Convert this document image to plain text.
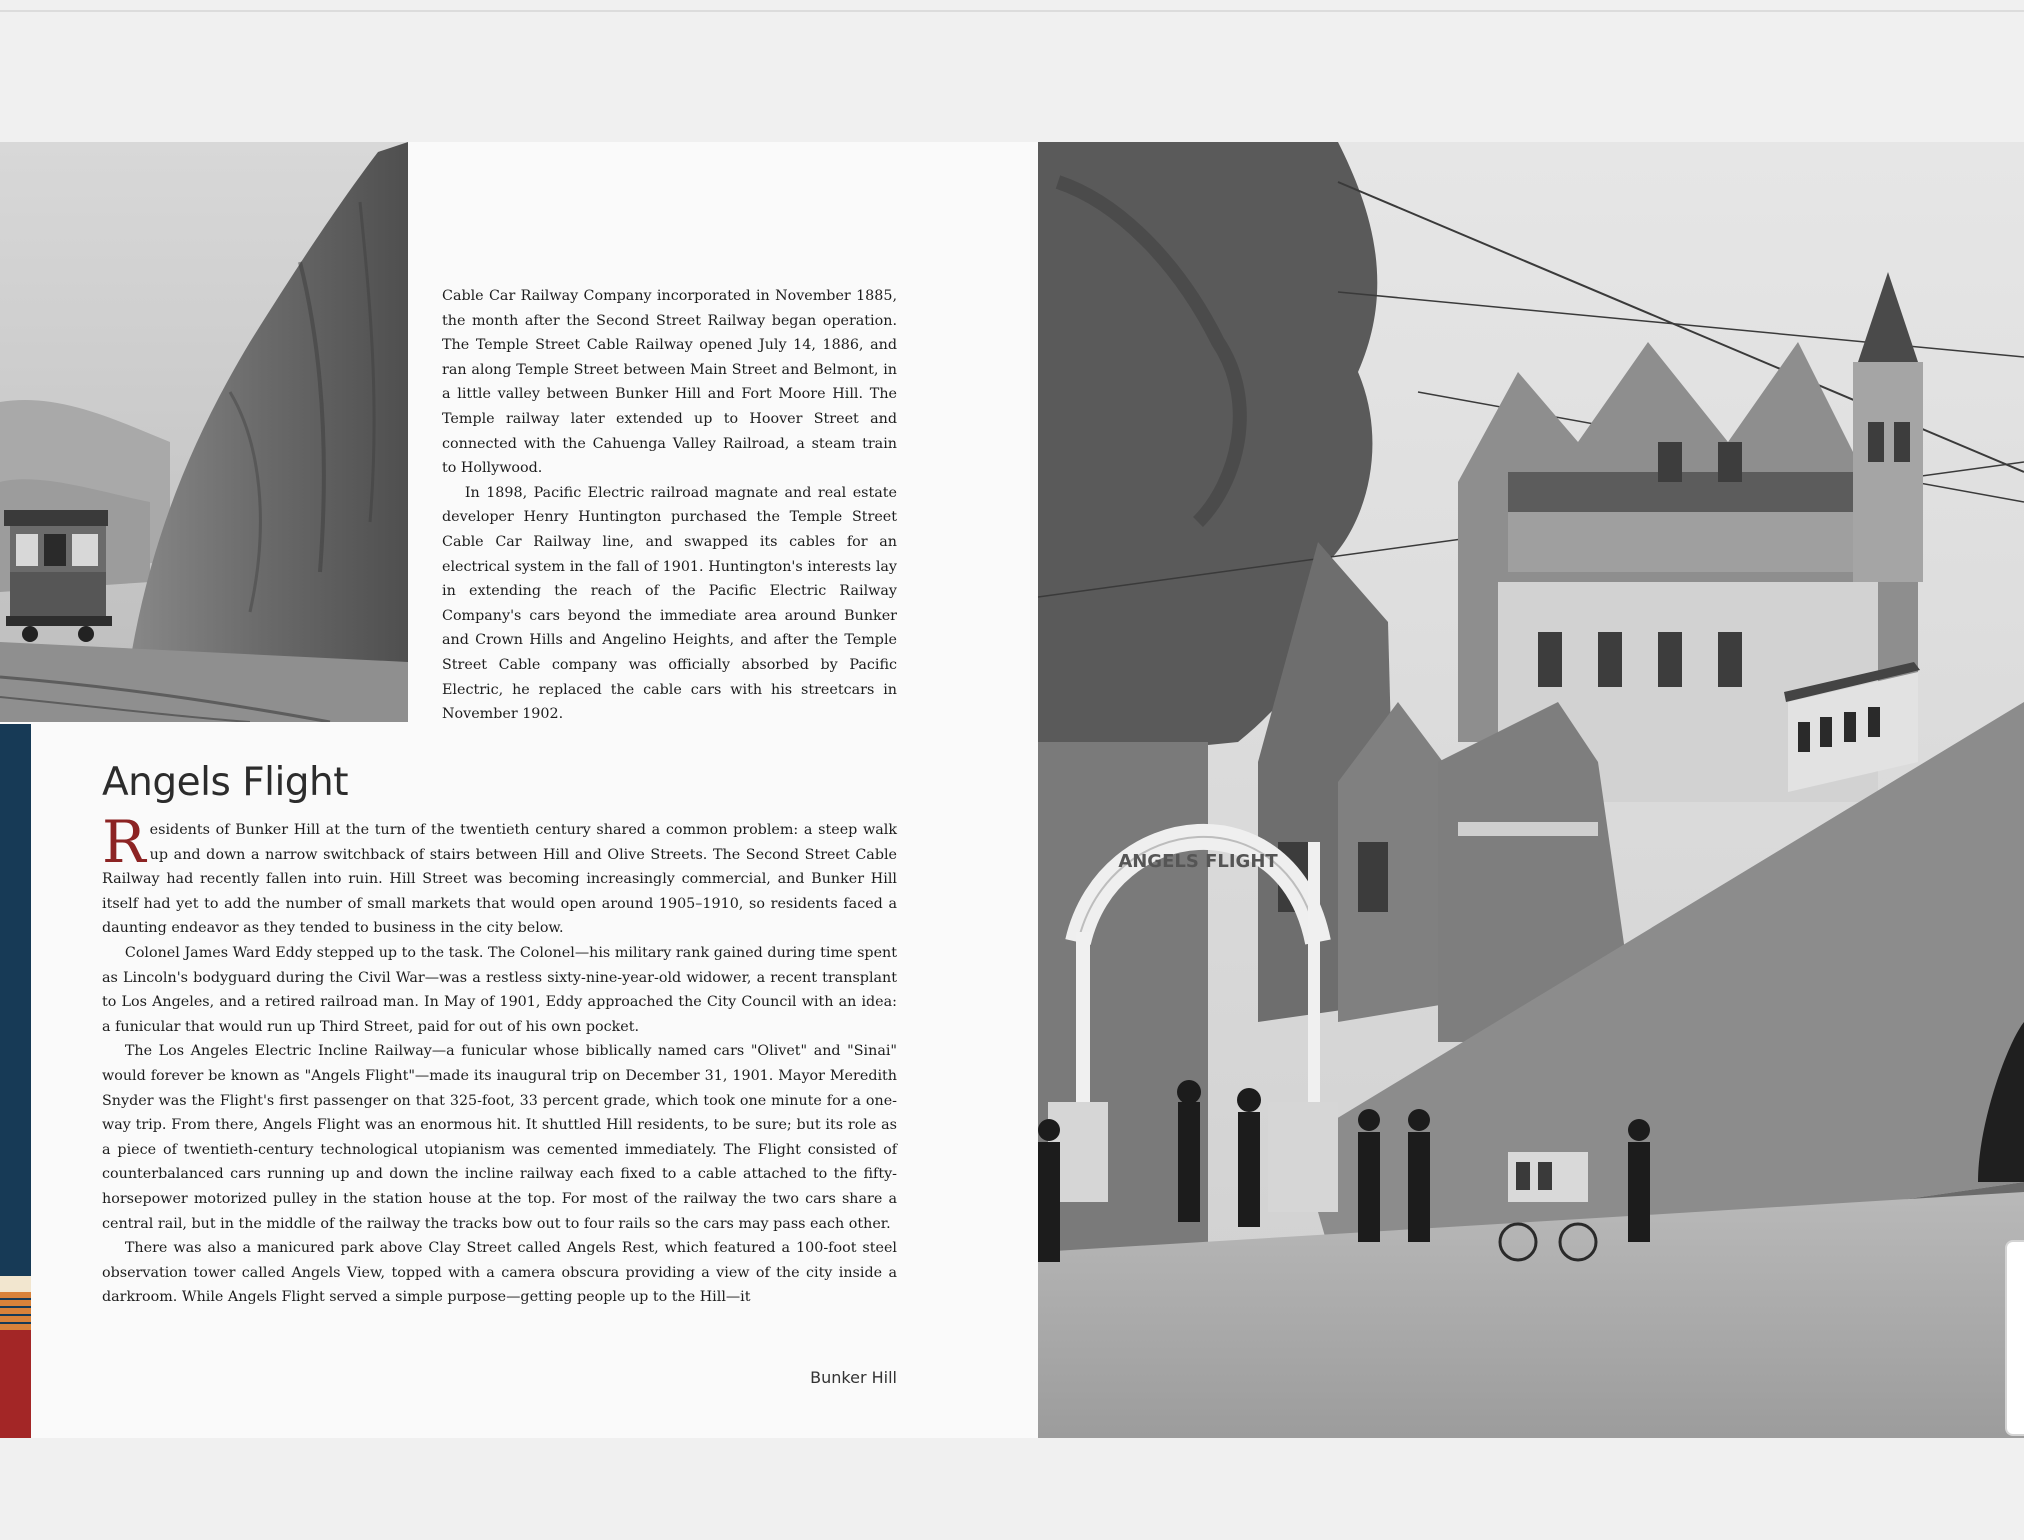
Cable Car Railway Company incorporated in November 1885, the month after the Second Street Railway began operation. The Temple Street Cable Railway opened July 14, 1886, and ran along Temple Street between Main Street and Belmont, in a little valley between Bunker Hill and Fort Moore Hill. The Temple railway later extended up to Hoover Street and connected with the Cahuenga Valley Railroad, a steam train to Hollywood.

In 1898, Pacific Electric railroad magnate and real estate developer Henry Huntington purchased the Temple Street Cable Car Railway line, and swapped its cables for an electrical system in the fall of 1901. Huntington's interests lay in extending the reach of the Pacific Electric Railway Company's cars beyond the immediate area around Bunker and Crown Hills and Angelino Heights, and after the Temple Street Cable company was officially absorbed by Pacific Electric, he replaced the cable cars with his streetcars in November 1902.

Angels Flight

Residents of Bunker Hill at the turn of the twentieth century shared a common problem: a steep walk up and down a narrow switchback of stairs between Hill and Olive Streets. The Second Street Cable Railway had recently fallen into ruin. Hill Street was becoming increasingly commercial, and Bunker Hill itself had yet to add the number of small markets that would open around 1905–1910, so residents faced a daunting endeavor as they tended to business in the city below.

Colonel James Ward Eddy stepped up to the task. The Colonel—his military rank gained during time spent as Lincoln's bodyguard during the Civil War—was a restless sixty-nine-year-old widower, a recent transplant to Los Angeles, and a retired railroad man. In May of 1901, Eddy approached the City Council with an idea: a funicular that would run up Third Street, paid for out of his own pocket.

The Los Angeles Electric Incline Railway—a funicular whose biblically named cars "Olivet" and "Sinai" would forever be known as "Angels Flight"—made its inaugural trip on December 31, 1901. Mayor Meredith Snyder was the Flight's first passenger on that 325-foot, 33 percent grade, which took one minute for a one-way trip. From there, Angels Flight was an enormous hit. It shuttled Hill residents, to be sure; but its role as a piece of twentieth-century technological utopianism was cemented immediately. The Flight consisted of counterbalanced cars running up and down the incline railway each fixed to a cable attached to the fifty-horsepower motorized pulley in the station house at the top. For most of the railway the two cars share a central rail, but in the middle of the railway the tracks bow out to four rails so the cars may pass each other.

There was also a manicured park above Clay Street called Angels Rest, which featured a 100-foot steel observation tower called Angels View, topped with a camera obscura providing a view of the city inside a darkroom. While Angels Flight served a simple purpose—getting people up to the Hill—it

Bunker Hill
ANGELS FLIGHT
